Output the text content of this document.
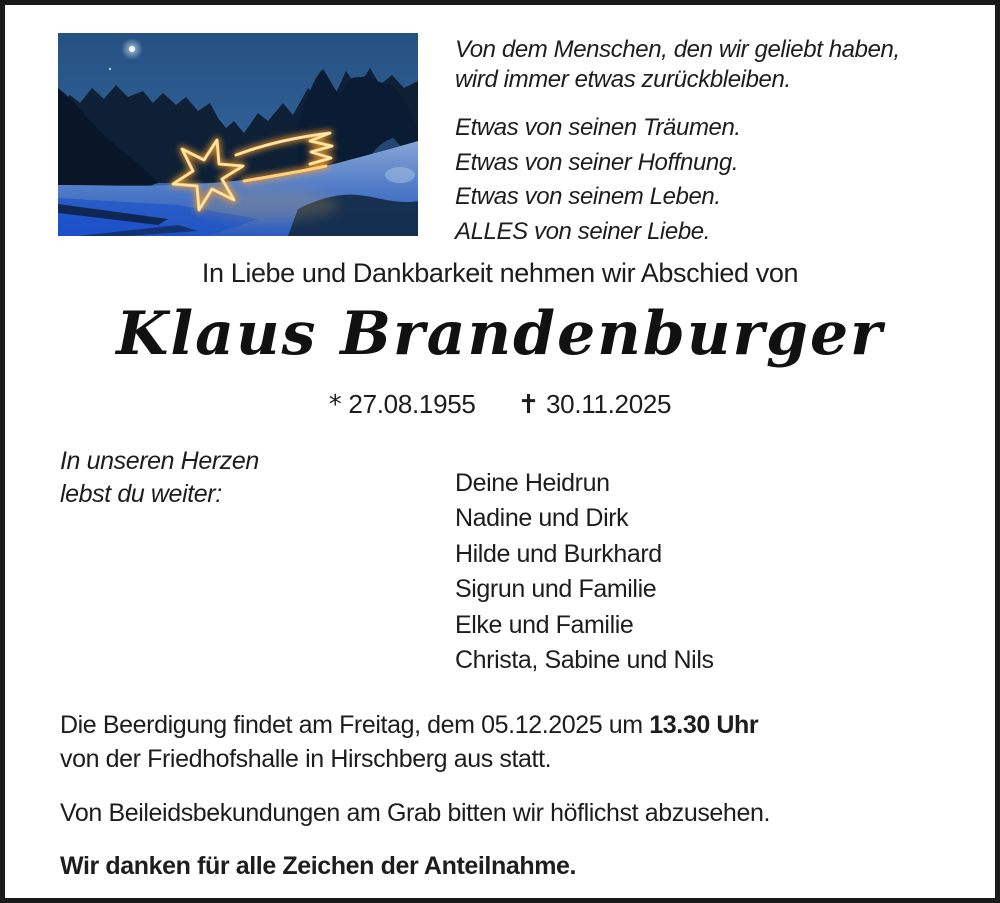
Von dem Menschen, den wir geliebt haben,
wird immer etwas zurückbleiben.
Etwas von seinen Träumen.
Etwas von seiner Hoffnung.
Etwas von seinem Leben.
ALLES von seiner Liebe.
In Liebe und Dankbarkeit nehmen wir Abschied von
Klaus Brandenburger
* 27.08.1955 ✝ 30.11.2025
In unseren Herzen
lebst du weiter:	Deine Heidrun
Nadine und Dirk
Hilde und Burkhard
Sigrun und Familie
Elke und Familie
Christa, Sabine und Nils
Die Beerdigung findet am Freitag, dem 05.12.2025 um 13.30 Uhr
von der Friedhofshalle in Hirschberg aus statt.
Von Beileidsbekundungen am Grab bitten wir höflichst abzusehen.
Wir danken für alle Zeichen der Anteilnahme.
